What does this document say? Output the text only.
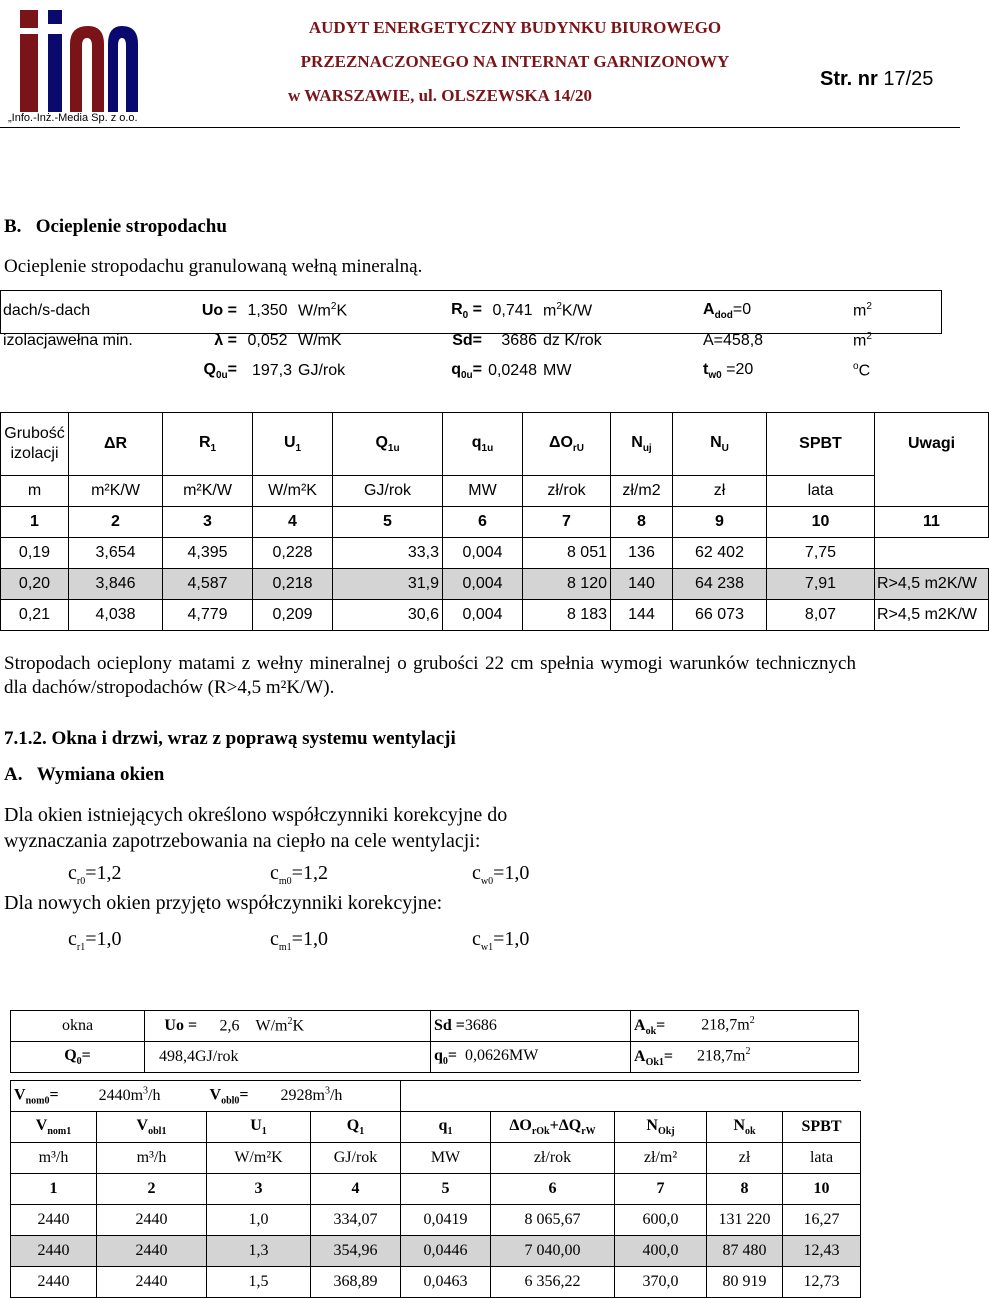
„Info.-Inż.-Media Sp. z o.o.
AUDYT ENERGETYCZNY BUDYNKU BIUROWEGO
PRZEZNACZONEGO NA INTERNAT GARNIZONOWY
w WARSZAWIE, ul. OLSZEWSKA 14/20
Str. nr 17/25
B. Ocieplenie stropodachu
Ocieplenie stropodachu granulowaną wełną mineralną.
dach/s-dach	Uo =	1,350	$W/m^2K$	$R_0$ =	0,741	$m^2K/W$	$A_{dod}=0$	$m^2$
izolacjawełna min.	λ =	0,052	W/mK	Sd=	3686	dz K/rok	A=458,8	$m^2$
	$Q_{0u}=$	197,3	GJ/rok	$q_{0u}=$	0,0248	MW	$t_{w0} =20$	$^o$C
Grubość izolacji	ΔR	$R_1$	$U_1$	$Q_{1u}$	$q_{1u}$	$\Delta O_{rU}$	$N_{uj}$	$N_U$	SPBT	Uwagi
m	m²K/W	m²K/W	W/m²K	GJ/rok	MW	zł/rok	zł/m2	zł	lata	
1	2	3	4	5	6	7	8	9	10	11
0,19	3,654	4,395	0,228	33,3	0,004	8 051	136	62 402	7,75	
0,20	3,846	4,587	0,218	31,9	0,004	8 120	140	64 238	7,91	R>4,5 m2K/W
0,21	4,038	4,779	0,209	30,6	0,004	8 183	144	66 073	8,07	R>4,5 m2K/W
Stropodach ocieplony matami z wełny mineralnej o grubości 22 cm spełnia wymogi warunków technicznych dla dachów/stropodachów (R>4,5 m²K/W).
7.1.2. Okna i drzwi, wraz z poprawą systemu wentylacji
A. Wymiana okien
Dla okien istniejących określono współczynniki korekcyjne do wyznaczania zapotrzebowania na ciepło na cele wentylacji:
$c_{r0}=1,2$	$c_{m0}=1,2$	$c_{w0}=1,0$
Dla nowych okien przyjęto współczynniki korekcyjne:
$c_{r1}=1,0$	$c_{m1}=1,0$	$c_{w1}=1,0$
okna	Uo =	2,6 $W/m^2K$	Sd =3686	$A_{ok}= 218,7m^2$
$Q_0=$	498,4GJ/rok		$q_0= 0,0626MW$	$A_{Ok1}= 218,7m^2$
$V_{nom0}= 2440m^3/h$		$V_{obl0}= 2928m^3/h$						
$V_{nom1}$	$V_{obl1}$	$U_1$	$Q_1$	$q_1$	$\Delta O_{rOk}+\Delta Q_{rW}$	$N_{Okj}$	$N_{ok}$	SPBT
m³/h	m³/h	W/m²K	GJ/rok	MW	zł/rok	zł/m²	zł	lata
1	2	3	4	5	6	7	8	10
2440	2440	1,0	334,07	0,0419	8 065,67	600,0	131 220	16,27
2440	2440	1,3	354,96	0,0446	7 040,00	400,0	87 480	12,43
2440	2440	1,5	368,89	0,0463	6 356,22	370,0	80 919	12,73
